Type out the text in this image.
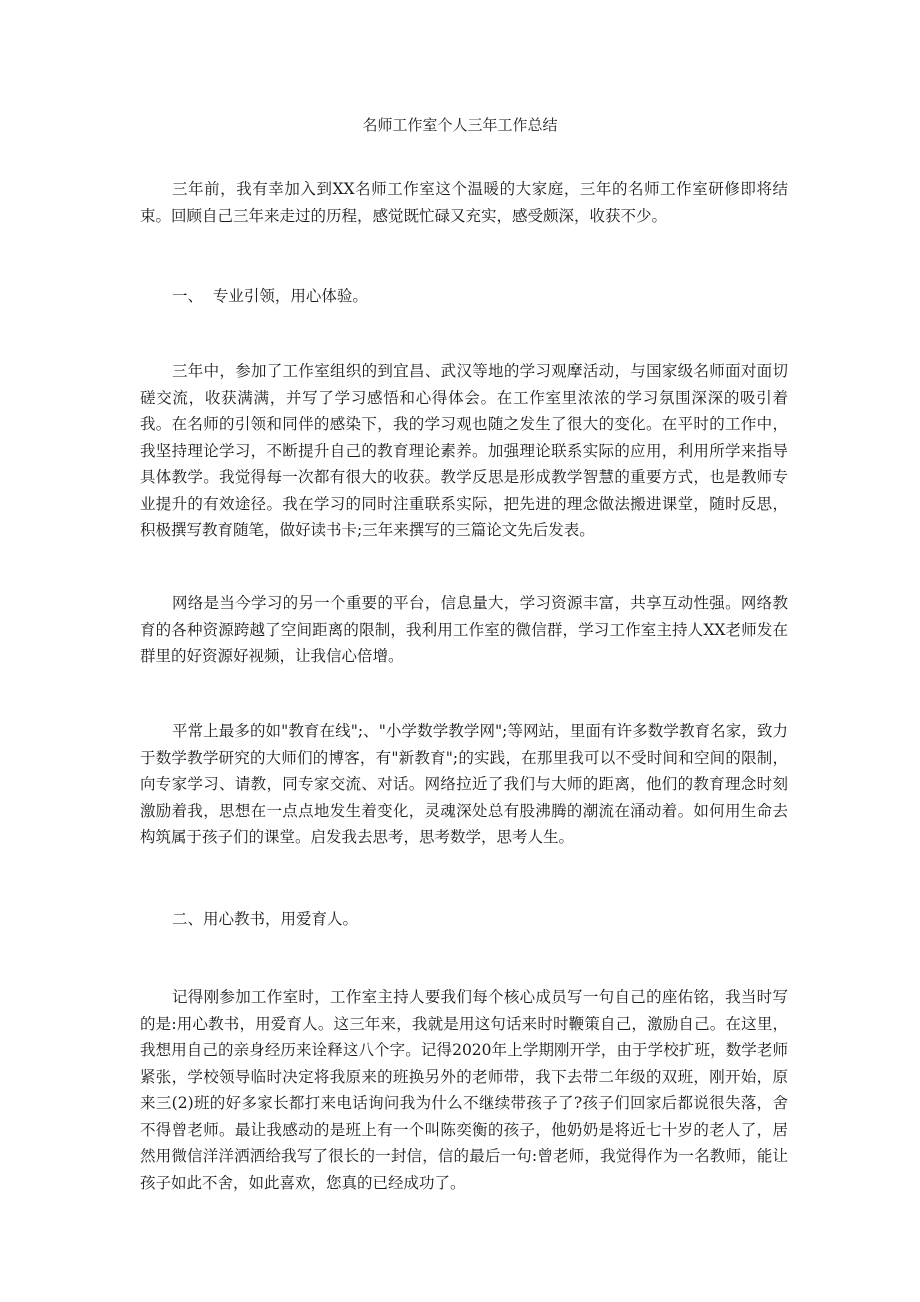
名师工作室个人三年工作总结

三年前，我有幸加入到XX名师工作室这个温暖的大家庭，三年的名师工作室研修即将结束。回顾自己三年来走过的历程，感觉既忙碌又充实，感受颇深，收获不少。

一、  专业引领，用心体验。

三年中，参加了工作室组织的到宜昌、武汉等地的学习观摩活动，与国家级名师面对面切磋交流，收获满满，并写了学习感悟和心得体会。在工作室里浓浓的学习氛围深深的吸引着我。在名师的引领和同伴的感染下，我的学习观也随之发生了很大的变化。在平时的工作中，我坚持理论学习，不断提升自己的教育理论素养。加强理论联系实际的应用，利用所学来指导具体教学。我觉得每一次都有很大的收获。教学反思是形成教学智慧的重要方式，也是教师专业提升的有效途径。我在学习的同时注重联系实际，把先进的理念做法搬进课堂，随时反思，积极撰写教育随笔，做好读书卡;三年来撰写的三篇论文先后发表。

网络是当今学习的另一个重要的平台，信息量大，学习资源丰富，共享互动性强。网络教育的各种资源跨越了空间距离的限制，我利用工作室的微信群，学习工作室主持人XX老师发在群里的好资源好视频，让我信心倍增。

平常上最多的如"教育在线";、"小学数学教学网";等网站，里面有许多数学教育名家，致力于数学教学研究的大师们的博客，有"新教育";的实践，在那里我可以不受时间和空间的限制，向专家学习、请教，同专家交流、对话。网络拉近了我们与大师的距离，他们的教育理念时刻激励着我，思想在一点点地发生着变化，灵魂深处总有股沸腾的潮流在涌动着。如何用生命去构筑属于孩子们的课堂。启发我去思考，思考数学，思考人生。

二、用心教书，用爱育人。

记得刚参加工作室时，工作室主持人要我们每个核心成员写一句自己的座佑铭，我当时写的是:用心教书，用爱育人。这三年来，我就是用这句话来时时鞭策自己，激励自己。在这里，我想用自己的亲身经历来诠释这八个字。记得2020年上学期刚开学，由于学校扩班，数学老师紧张，学校领导临时决定将我原来的班换另外的老师带，我下去带二年级的双班，刚开始，原来三(2)班的好多家长都打来电话询问我为什么不继续带孩子了?孩子们回家后都说很失落，舍不得曾老师。最让我感动的是班上有一个叫陈奕衡的孩子，他奶奶是将近七十岁的老人了，居然用微信洋洋洒洒给我写了很长的一封信，信的最后一句:曾老师，我觉得作为一名教师，能让孩子如此不舍，如此喜欢，您真的已经成功了。
